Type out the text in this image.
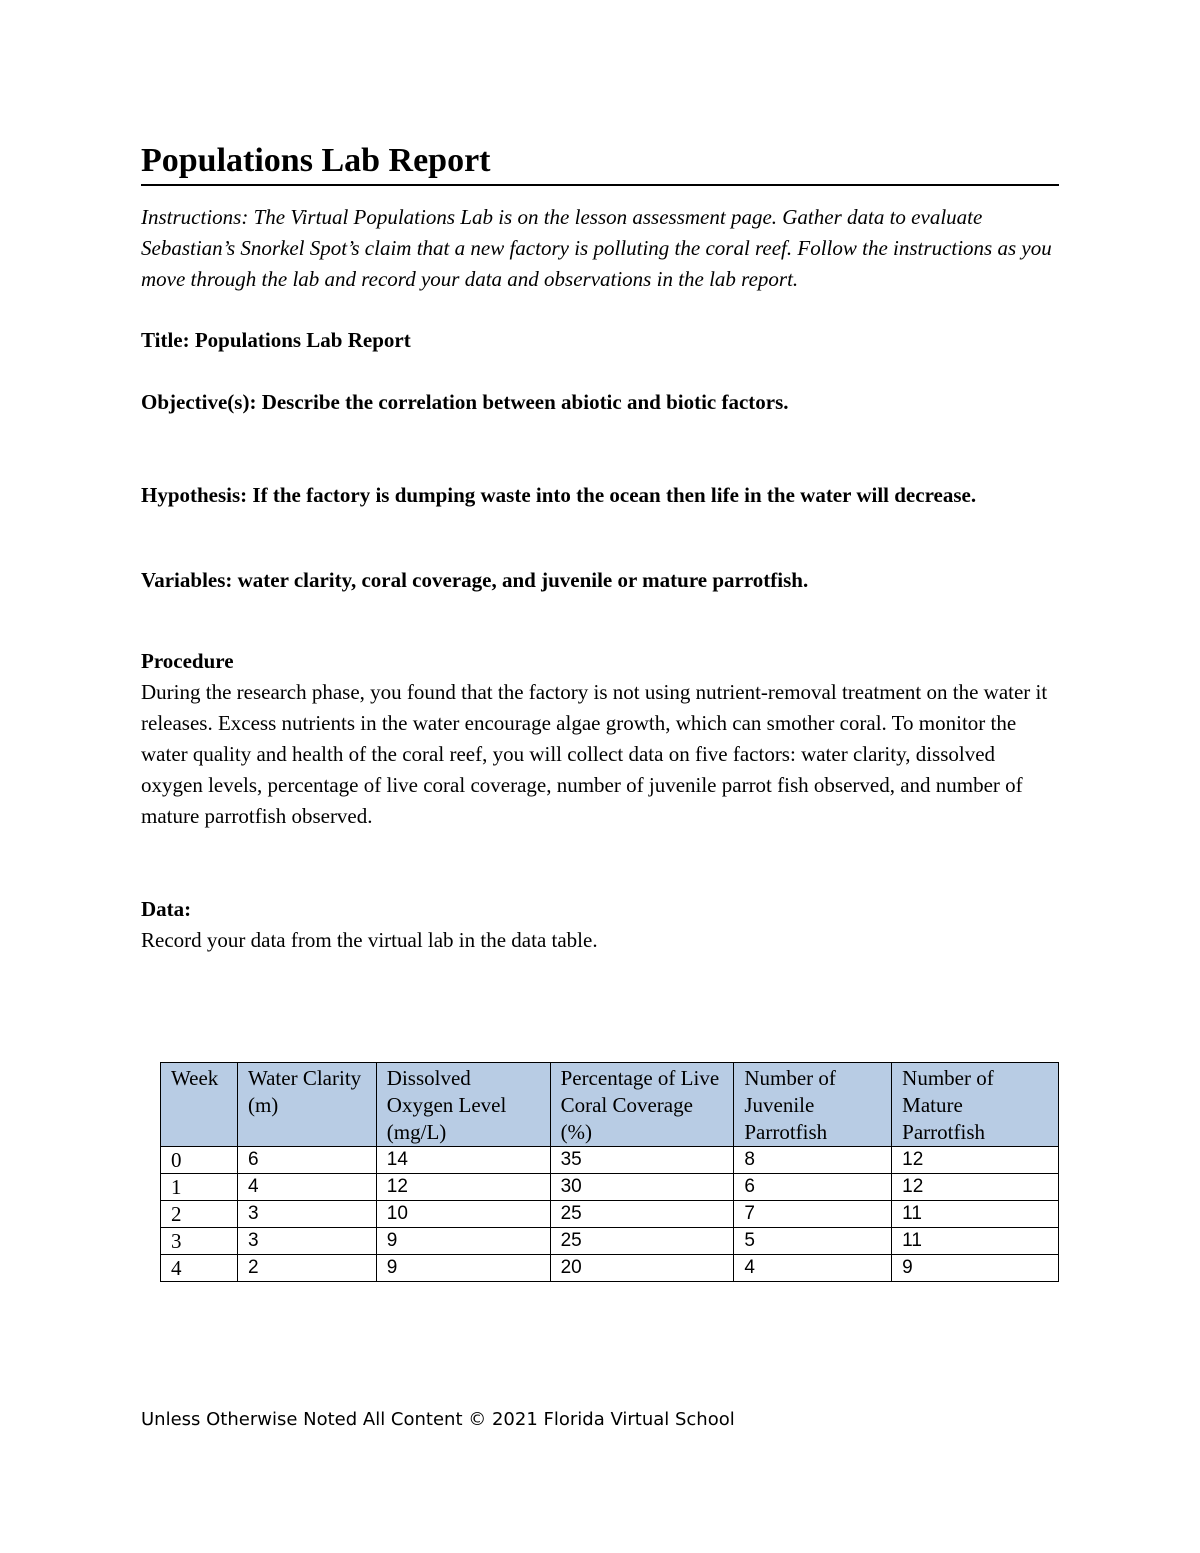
Populations Lab Report

Instructions: The Virtual Populations Lab is on the lesson assessment page. Gather data to evaluate Sebastian’s Snorkel Spot’s claim that a new factory is polluting the coral reef. Follow the instructions as you move through the lab and record your data and observations in the lab report.

Title: Populations Lab Report

Objective(s): Describe the correlation between abiotic and biotic factors.

Hypothesis: If the factory is dumping waste into the ocean then life in the water will decrease.

Variables: water clarity, coral coverage, and juvenile or mature parrotfish.

Procedure

During the research phase, you found that the factory is not using nutrient-removal treatment on the water it releases. Excess nutrients in the water encourage algae growth, which can smother coral. To monitor the water quality and health of the coral reef, you will collect data on five factors: water clarity, dissolved oxygen levels, percentage of live coral coverage, number of juvenile parrot fish observed, and number of mature parrotfish observed.

Data:

Record your data from the virtual lab in the data table.

Week	Water Clarity (m)	Dissolved Oxygen Level (mg/L)	Percentage of Live Coral Coverage (%)	Number of Juvenile Parrotfish	Number of Mature Parrotfish
0	6	14	35	8	12
1	4	12	30	6	12
2	3	10	25	7	11
3	3	9	25	5	11
4	2	9	20	4	9
Unless Otherwise Noted All Content © 2021 Florida Virtual School
